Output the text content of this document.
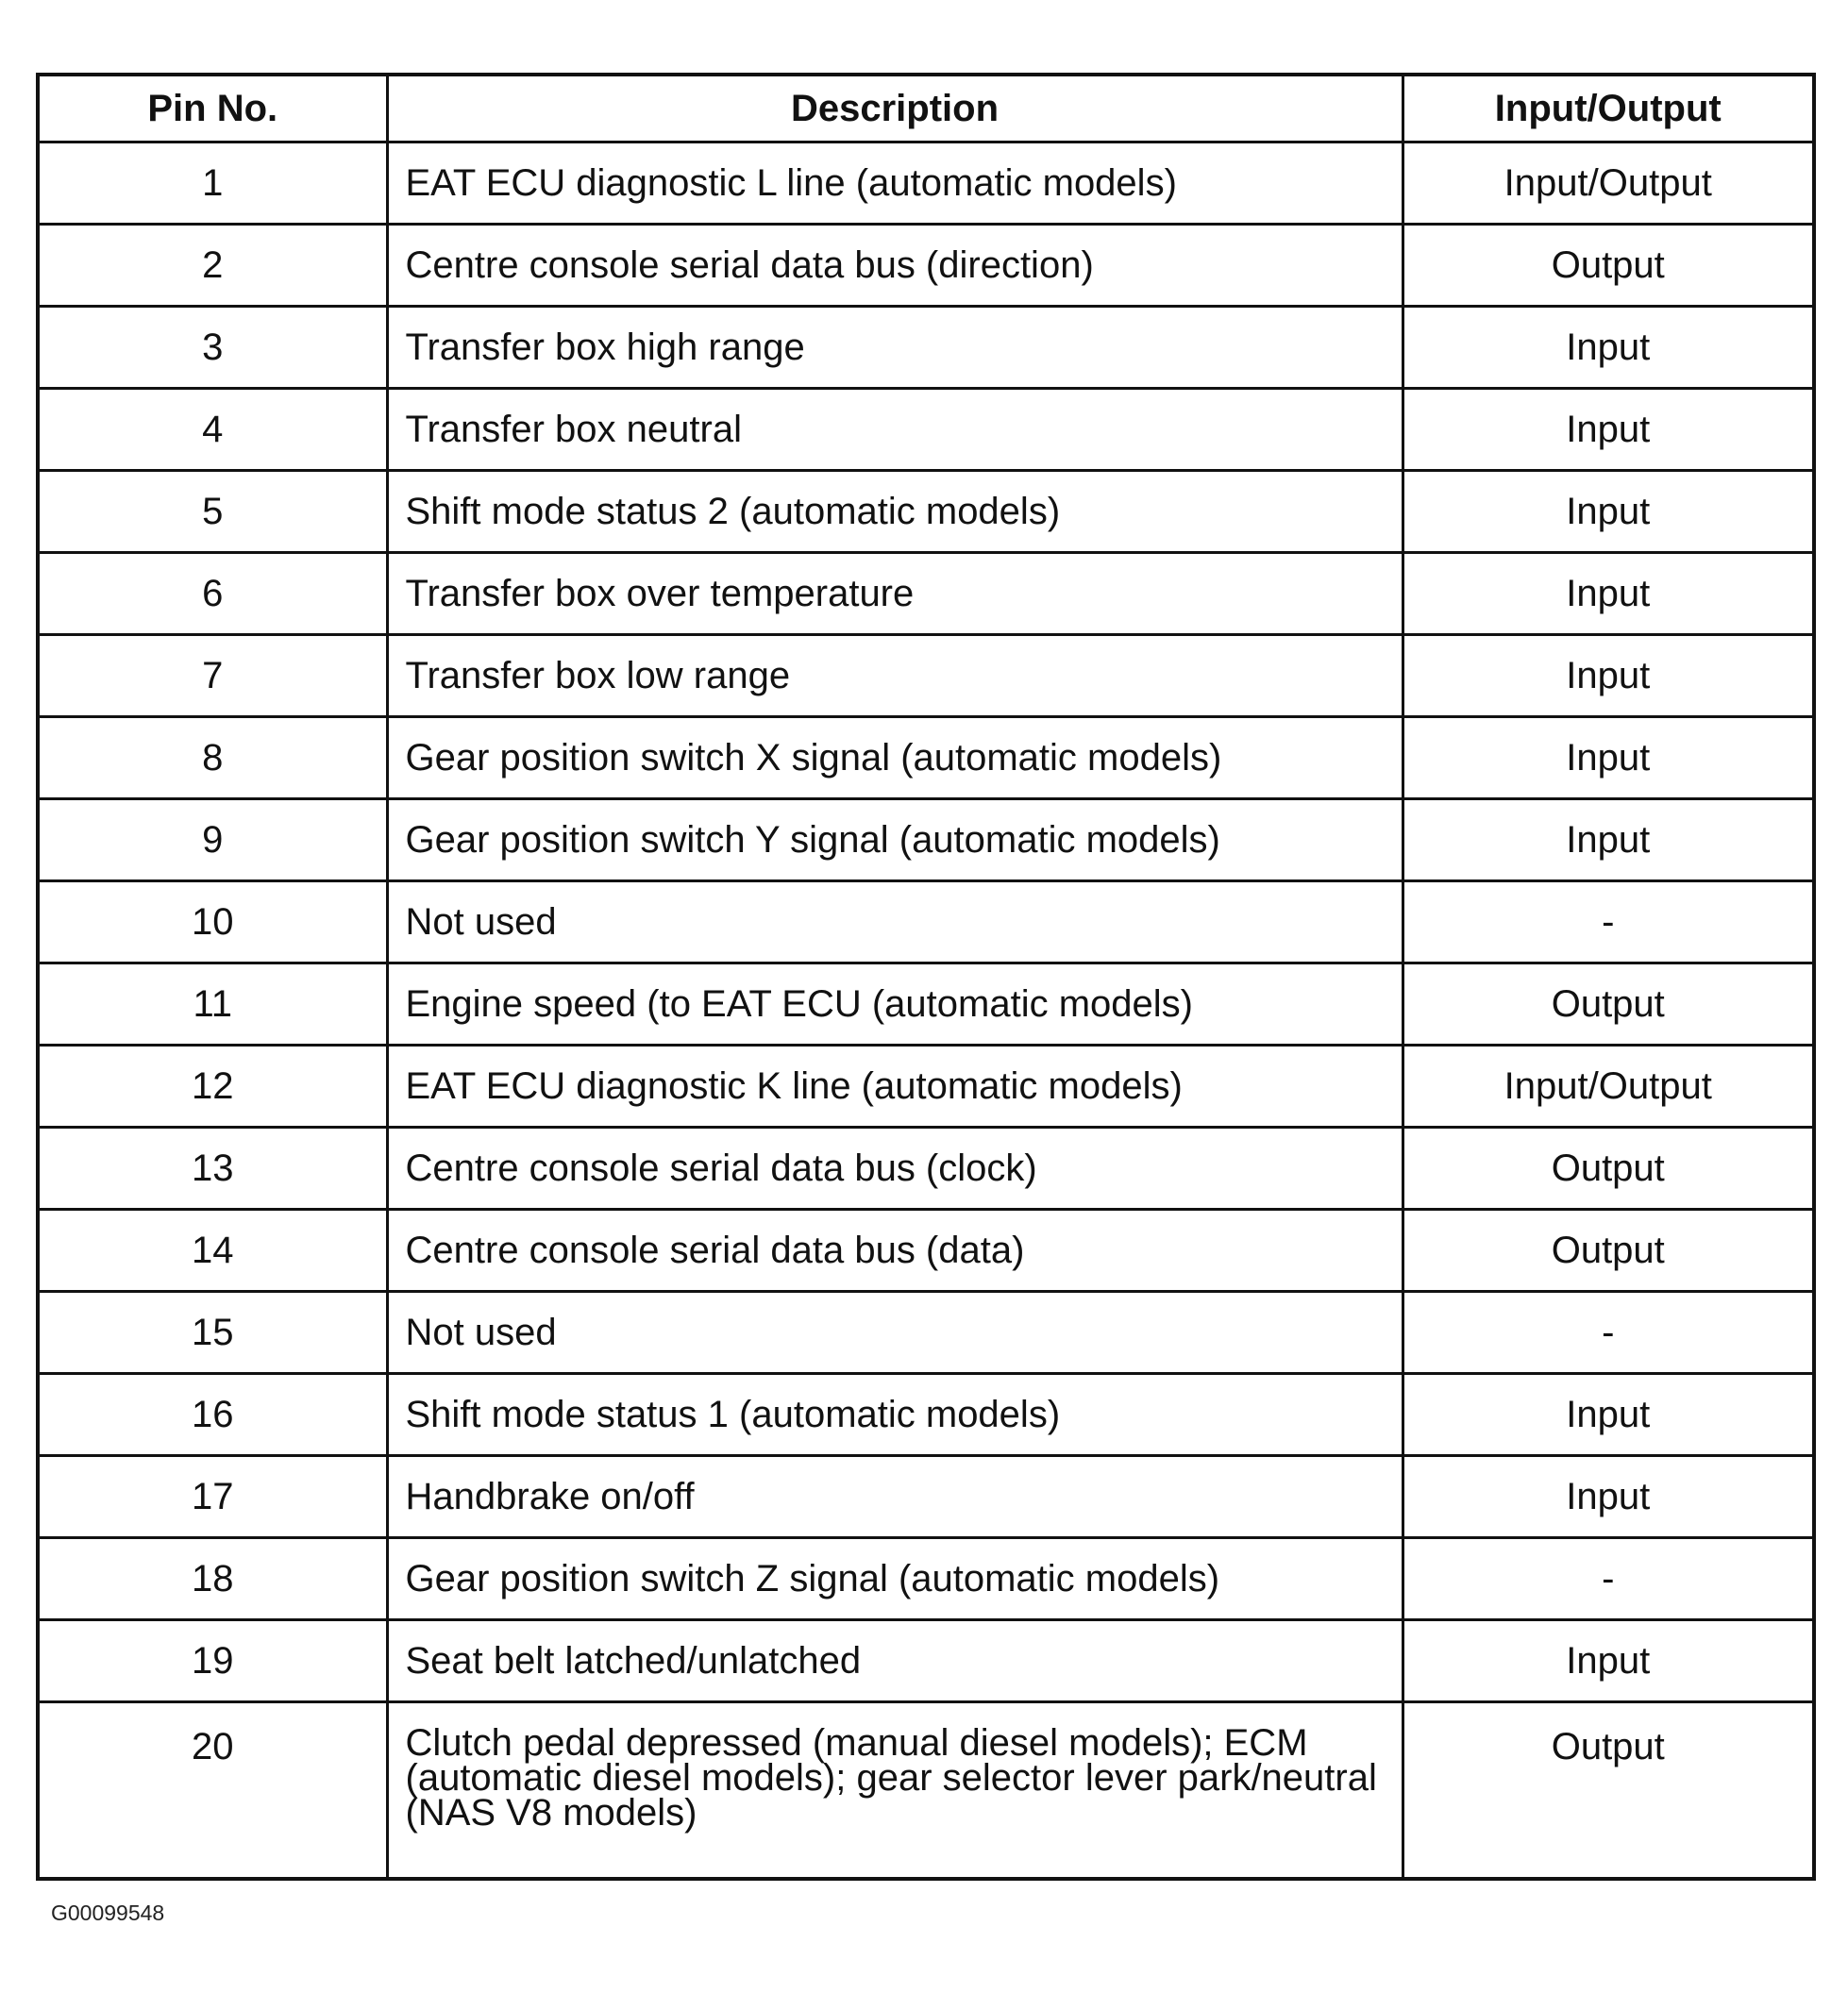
Pin No.	Description	Input/Output
1	EAT ECU diagnostic L line (automatic models)	Input/Output
2	Centre console serial data bus (direction)	Output
3	Transfer box high range	Input
4	Transfer box neutral	Input
5	Shift mode status 2 (automatic models)	Input
6	Transfer box over temperature	Input
7	Transfer box low range	Input
8	Gear position switch X signal (automatic models)	Input
9	Gear position switch Y signal (automatic models)	Input
10	Not used	-
11	Engine speed (to EAT ECU (automatic models)	Output
12	EAT ECU diagnostic K line (automatic models)	Input/Output
13	Centre console serial data bus (clock)	Output
14	Centre console serial data bus (data)	Output
15	Not used	-
16	Shift mode status 1 (automatic models)	Input
17	Handbrake on/off	Input
18	Gear position switch Z signal (automatic models)	-
19	Seat belt latched/unlatched	Input
20	Clutch pedal depressed (manual diesel models); ECM (automatic diesel models); gear selector lever park/neutral (NAS V8 models)	Output
G00099548
